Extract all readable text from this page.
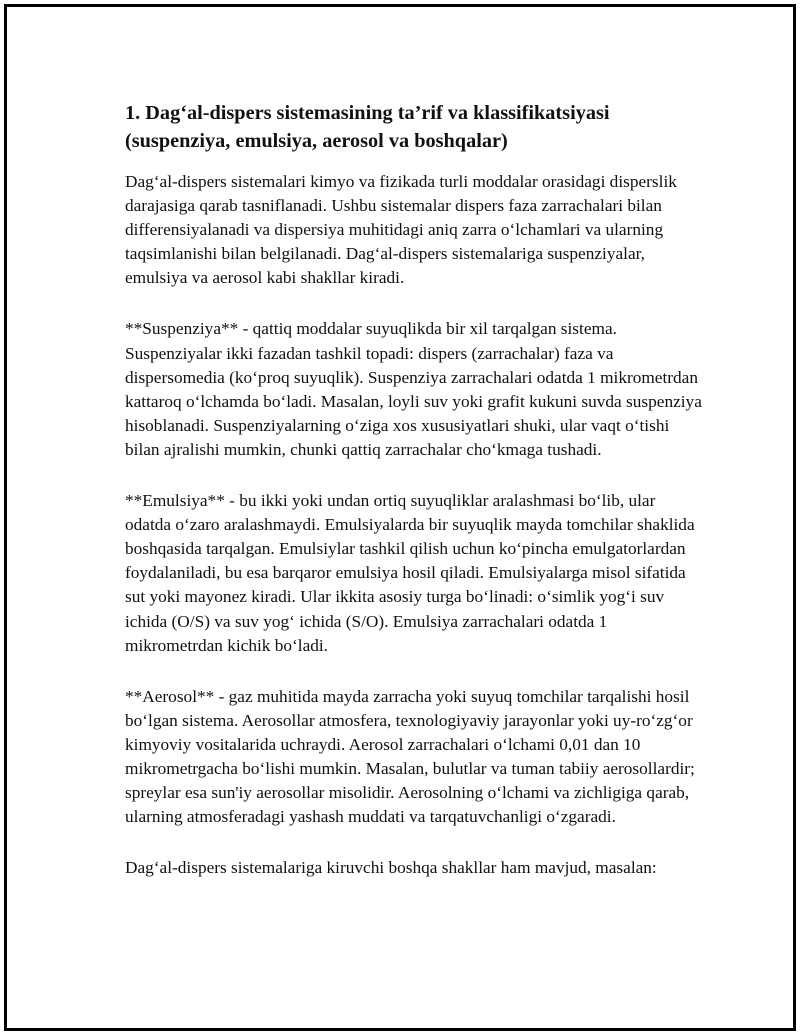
1. Dag‘al-dispers sistemasining ta’rif va klassifikatsiyasi (suspenziya, emulsiya, aerosol va boshqalar)

Dag‘al-dispers sistemalari kimyo va fizikada turli moddalar orasidagi disperslik darajasiga qarab tasniflanadi. Ushbu sistemalar dispers faza zarrachalari bilan differensiyalanadi va dispersiya muhitidagi aniq zarra o‘lchamlari va ularning taqsimlanishi bilan belgilanadi. Dag‘al-dispers sistemalariga suspenziyalar, emulsiya va aerosol kabi shakllar kiradi.

**Suspenziya** - qattiq moddalar suyuqlikda bir xil tarqalgan sistema. Suspenziyalar ikki fazadan tashkil topadi: dispers (zarrachalar) faza va dispersomedia (ko‘proq suyuqlik). Suspenziya zarrachalari odatda 1 mikrometrdan kattaroq o‘lchamda bo‘ladi. Masalan, loyli suv yoki grafit kukuni suvda suspenziya hisoblanadi. Suspenziyalarning o‘ziga xos xususiyatlari shuki, ular vaqt o‘tishi bilan ajralishi mumkin, chunki qattiq zarrachalar cho‘kmaga tushadi.

**Emulsiya** - bu ikki yoki undan ortiq suyuqliklar aralashmasi bo‘lib, ular odatda o‘zaro aralashmaydi. Emulsiyalarda bir suyuqlik mayda tomchilar shaklida boshqasida tarqalgan. Emulsiylar tashkil qilish uchun ko‘pincha emulgatorlardan foydalaniladi, bu esa barqaror emulsiya hosil qiladi. Emulsiyalarga misol sifatida sut yoki mayonez kiradi. Ular ikkita asosiy turga bo‘linadi: o‘simlik yog‘i suv ichida (O/S) va suv yog‘ ichida (S/O). Emulsiya zarrachalari odatda 1 mikrometrdan kichik bo‘ladi.

**Aerosol** - gaz muhitida mayda zarracha yoki suyuq tomchilar tarqalishi hosil bo‘lgan sistema. Aerosollar atmosfera, texnologiyaviy jarayonlar yoki uy-ro‘zg‘or kimyoviy vositalarida uchraydi. Aerosol zarrachalari o‘lchami 0,01 dan 10 mikrometrgacha bo‘lishi mumkin. Masalan, bulutlar va tuman tabiiy aerosollardir; spreylar esa sun'iy aerosollar misolidir. Aerosolning o‘lchami va zichligiga qarab, ularning atmosferadagi yashash muddati va tarqatuvchanligi o‘zgaradi.

Dag‘al-dispers sistemalariga kiruvchi boshqa shakllar ham mavjud, masalan:
